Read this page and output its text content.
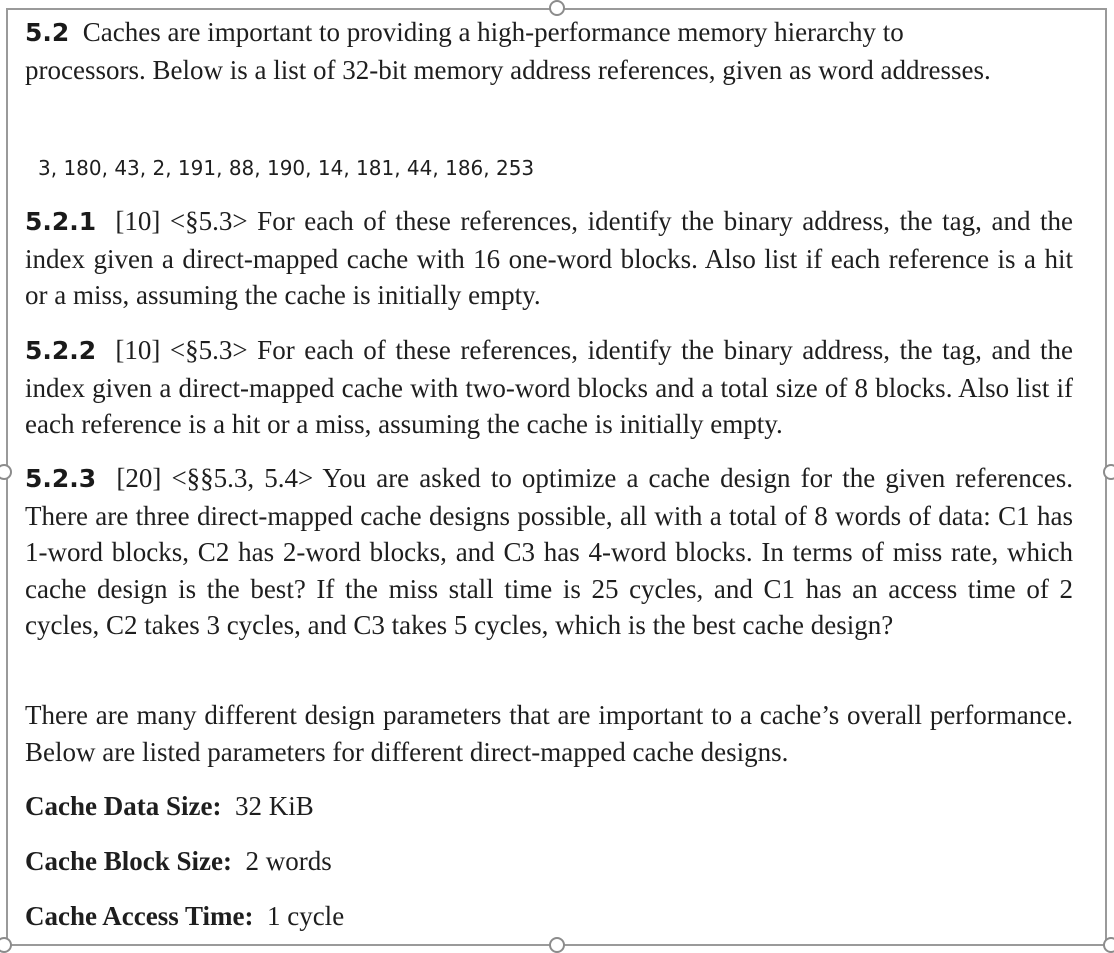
5.2 Caches are important to providing a high-performance memory hierarchy to processors. Below is a list of 32-bit memory address references, given as word addresses.

5.2.1 [10] <§5.3> For each of these references, identify the binary address, the tag, and the index given a direct-mapped cache with 16 one-word blocks. Also list if each reference is a hit or a miss, assuming the cache is initially empty.

5.2.2 [10] <§5.3> For each of these references, identify the binary address, the tag, and the index given a direct-mapped cache with two-word blocks and a total size of 8 blocks. Also list if each reference is a hit or a miss, assuming the cache is initially empty.

5.2.3 [20] <§§5.3, 5.4> You are asked to optimize a cache design for the given references. There are three direct-mapped cache designs possible, all with a total of 8 words of data: C1 has 1-word blocks, C2 has 2-word blocks, and C3 has 4-word blocks. In terms of miss rate, which cache design is the best? If the miss stall time is 25 cycles, and C1 has an access time of 2 cycles, C2 takes 3 cycles, and C3 takes 5 cycles, which is the best cache design?

There are many different design parameters that are important to a cache’s overall performance. Below are listed parameters for different direct-mapped cache designs.

3, 180, 43, 2, 191, 88, 190, 14, 181, 44, 186, 253
Cache Data Size: 32 KiB
Cache Block Size: 2 words
Cache Access Time: 1 cycle
